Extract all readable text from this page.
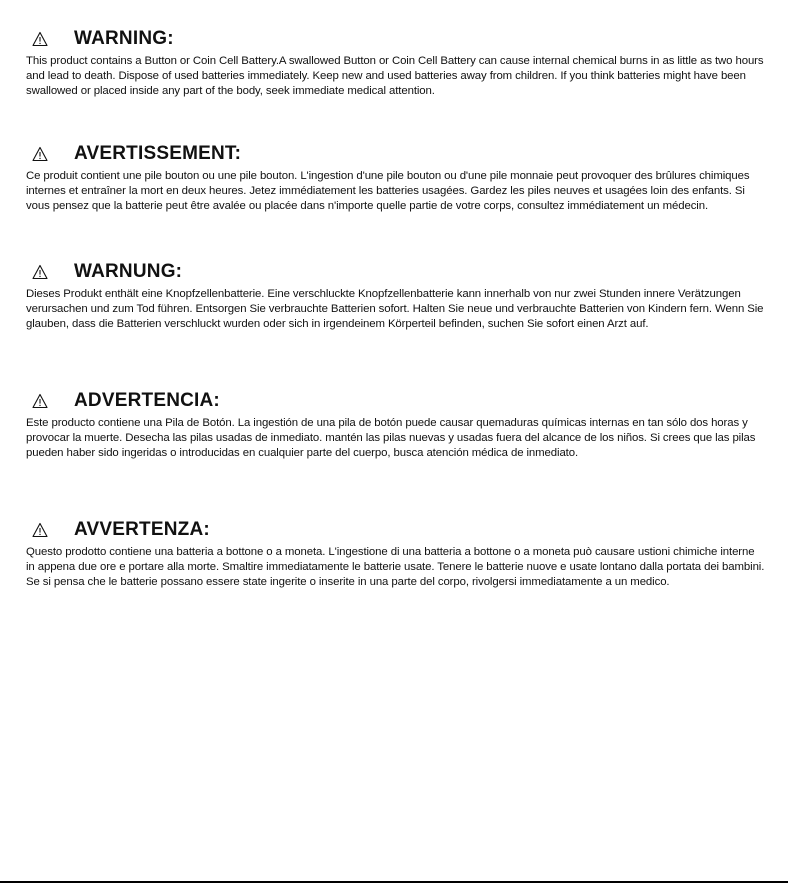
WARNING:
This product contains a Button or Coin Cell Battery.A swallowed Button or Coin Cell Battery can cause internal chemical burns in as little as two hours and lead to death. Dispose of used batteries immediately. Keep new and used batteries away from children. If you think batteries might have been swallowed or placed inside any part of the body, seek immediate medical attention.
AVERTISSEMENT:
Ce produit contient une pile bouton ou une pile bouton. L'ingestion d'une pile bouton ou d'une pile monnaie peut provoquer des brûlures chimiques internes et entraîner la mort en deux heures. Jetez immédiatement les batteries usagées. Gardez les piles neuves et usagées loin des enfants. Si vous pensez que la batterie peut être avalée ou placée dans n'importe quelle partie de votre corps, consultez immédiatement un médecin.
WARNUNG:
Dieses Produkt enthält eine Knopfzellenbatterie. Eine verschluckte Knopfzellenbatterie kann innerhalb von nur zwei Stunden innere Verätzungen verursachen und zum Tod führen. Entsorgen Sie verbrauchte Batterien sofort. Halten Sie neue und verbrauchte Batterien von Kindern fern. Wenn Sie glauben, dass die Batterien verschluckt wurden oder sich in irgendeinem Körperteil befinden, suchen Sie sofort einen Arzt auf.
ADVERTENCIA:
Este producto contiene una Pila de Botón. La ingestión de una pila de botón puede causar quemaduras químicas internas en tan sólo dos horas y provocar la muerte. Desecha las pilas usadas de inmediato. mantén las pilas nuevas y usadas fuera del alcance de los niños. Si crees que las pilas pueden haber sido ingeridas o introducidas en cualquier parte del cuerpo, busca atención médica de inmediato.
AVVERTENZA:
Questo prodotto contiene una batteria a bottone o a moneta. L'ingestione di una batteria a bottone o a moneta può causare ustioni chimiche interne in appena due ore e portare alla morte. Smaltire immediatamente le batterie usate. Tenere le batterie nuove e usate lontano dalla portata dei bambini. Se si pensa che le batterie possano essere state ingerite o inserite in una parte del corpo, rivolgersi immediatamente a un medico.
